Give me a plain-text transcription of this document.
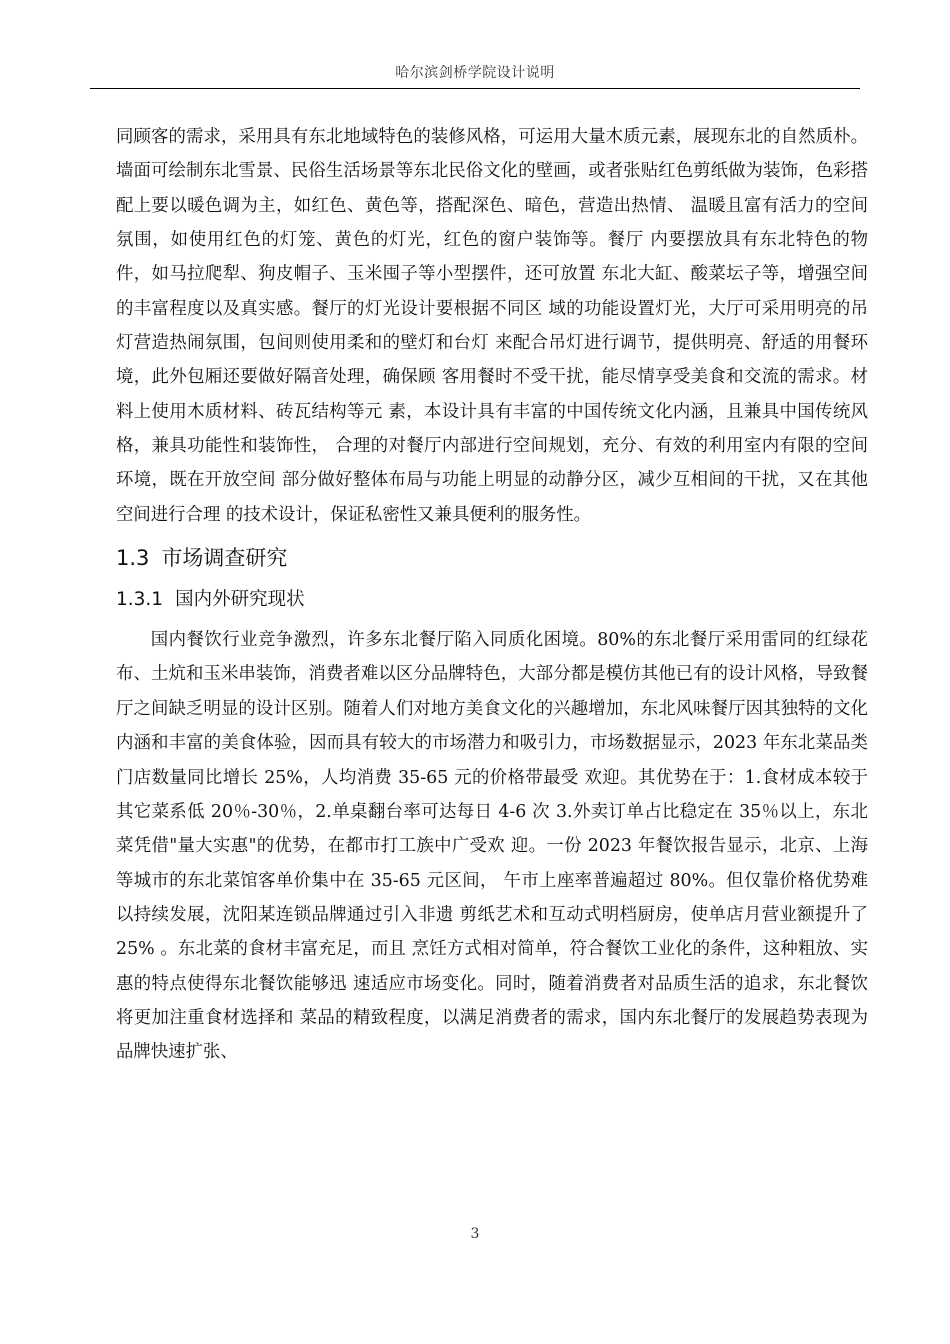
哈尔滨剑桥学院设计说明

同顾客的需求，采用具有东北地域特色的装修风格，可运用大量木质元素，展现东北的自然质朴。墙面可绘制东北雪景、民俗生活场景等东北民俗文化的壁画，或者张贴红色剪纸做为装饰，色彩搭配上要以暖色调为主，如红色、黄色等，搭配深色、暗色，营造出热情、 温暖且富有活力的空间氛围，如使用红色的灯笼、黄色的灯光，红色的窗户装饰等。餐厅 内要摆放具有东北特色的物件，如马拉爬犁、狗皮帽子、玉米囤子等小型摆件，还可放置 东北大缸、酸菜坛子等，增强空间的丰富程度以及真实感。餐厅的灯光设计要根据不同区 域的功能设置灯光，大厅可采用明亮的吊灯营造热闹氛围，包间则使用柔和的壁灯和台灯 来配合吊灯进行调节，提供明亮、舒适的用餐环境，此外包厢还要做好隔音处理，确保顾 客用餐时不受干扰，能尽情享受美食和交流的需求。材料上使用木质材料、砖瓦结构等元 素，本设计具有丰富的中国传统文化内涵，且兼具中国传统风格，兼具功能性和装饰性， 合理的对餐厅内部进行空间规划，充分、有效的利用室内有限的空间环境，既在开放空间 部分做好整体布局与功能上明显的动静分区，减少互相间的干扰，又在其他空间进行合理 的技术设计，保证私密性又兼具便利的服务性。

1.3 市场调查研究
1.3.1 国内外研究现状

国内餐饮行业竞争激烈，许多东北餐厅陷入同质化困境。80%的东北餐厅采用雷同的红绿花布、土炕和玉米串装饰，消费者难以区分品牌特色，大部分都是模仿其他已有的设计风格，导致餐厅之间缺乏明显的设计区别。随着人们对地方美食文化的兴趣增加，东北风味餐厅因其独特的文化内涵和丰富的美食体验，因而具有较大的市场潜力和吸引力，市场数据显示，2023 年东北菜品类门店数量同比增长 25%，人均消费 35-65 元的价格带最受 欢迎。其优势在于：1.食材成本较于其它菜系低 20％-30％，2.单桌翻台率可达每日 4-6 次 3.外卖订单占比稳定在 35％以上，东北菜凭借"量大实惠"的优势，在都市打工族中广受欢 迎。一份 2023 年餐饮报告显示，北京、上海等城市的东北菜馆客单价集中在 35-65 元区间， 午市上座率普遍超过 80%。但仅靠价格优势难以持续发展，沈阳某连锁品牌通过引入非遗 剪纸艺术和互动式明档厨房，使单店月营业额提升了 25% 。东北菜的食材丰富充足，而且 烹饪方式相对简单，符合餐饮工业化的条件，这种粗放、实惠的特点使得东北餐饮能够迅 速适应市场变化。同时，随着消费者对品质生活的追求，东北餐饮将更加注重食材选择和 菜品的精致程度，以满足消费者的需求，国内东北餐厅的发展趋势表现为品牌快速扩张、

3
